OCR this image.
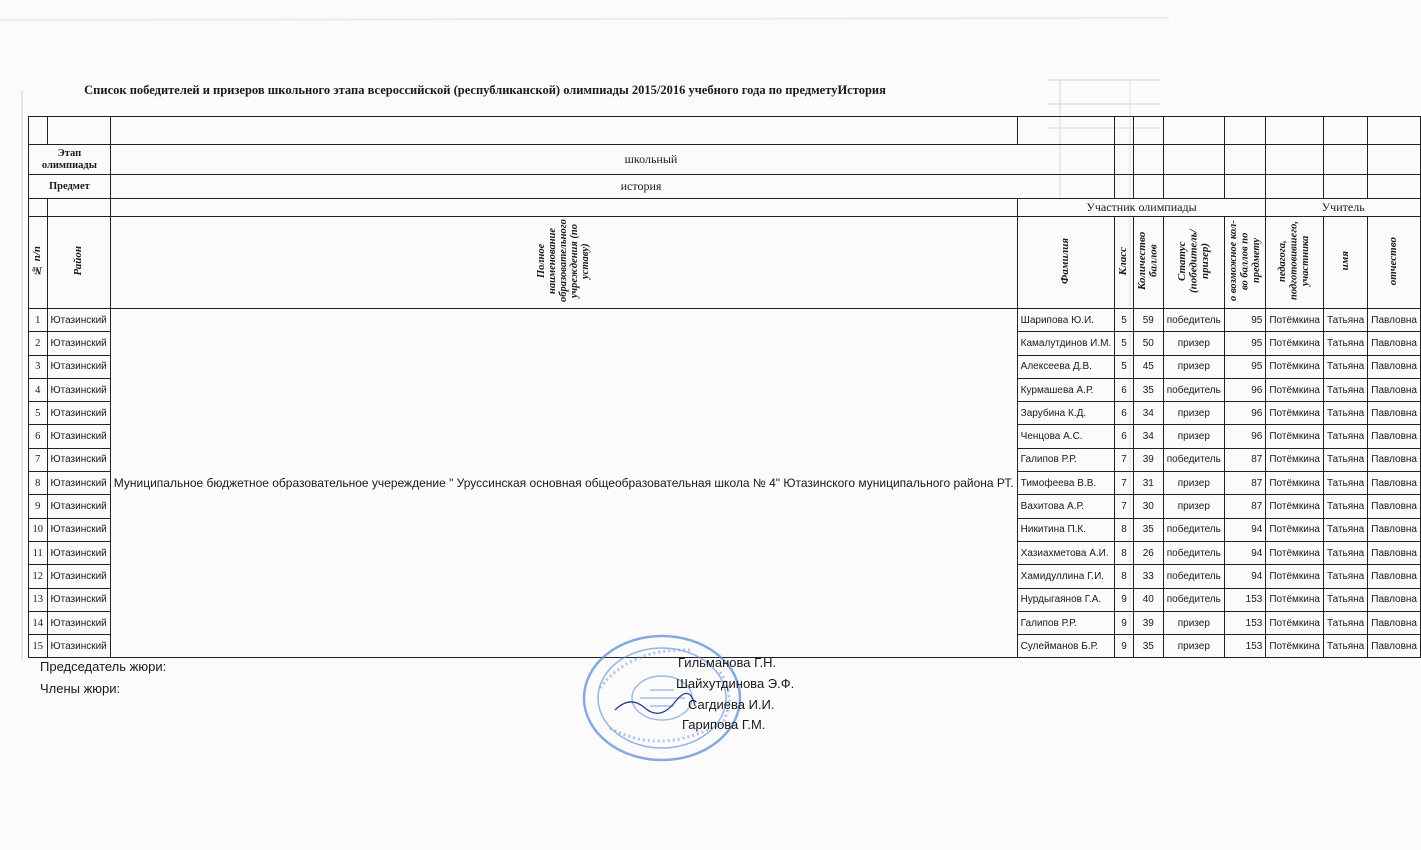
Список победителей и призеров школьного этапа всероссийской (республиканской) олимпиады 2015/2016 учебного года по предметуИстория

Этап олимпиады		школьный								
Предмет		история								
			Участник олимпиады					Учитель		
№ п/п	Район	Полное наименование образовательного учреждения (по уставу)	Фамилия	Класс	Количество баллов	Статус (победитель/ призер)	о возможное кол-во баллов по предмету	педагога, подготовившего, участника	имя	отчество
1	Ютазинский	Муниципальное бюджетное образовательное учереждение " Уруссинская основная общеобразовательная школа № 4" Ютазинского муниципального района РТ.	Шарипова Ю.И.	5	59	победитель	95	Потёмкина	Татьяна	Павловна
2	Ютазинский		Камалутдинов И.М.	5	50	призер	95	Потёмкина	Татьяна	Павловна
3	Ютазинский		Алексеева Д.В.	5	45	призер	95	Потёмкина	Татьяна	Павловна
4	Ютазинский		Курмашева А.Р.	6	35	победитель	96	Потёмкина	Татьяна	Павловна
5	Ютазинский		Зарубина К.Д.	6	34	призер	96	Потёмкина	Татьяна	Павловна
6	Ютазинский		Ченцова А.С.	6	34	призер	96	Потёмкина	Татьяна	Павловна
7	Ютазинский		Галипов Р.Р.	7	39	победитель	87	Потёмкина	Татьяна	Павловна
8	Ютазинский		Тимофеева В.В.	7	31	призер	87	Потёмкина	Татьяна	Павловна
9	Ютазинский		Вахитова А.Р.	7	30	призер	87	Потёмкина	Татьяна	Павловна
10	Ютазинский		Никитина П.К.	8	35	победитель	94	Потёмкина	Татьяна	Павловна
11	Ютазинский		Хазиахметова А.И.	8	26	победитель	94	Потёмкина	Татьяна	Павловна
12	Ютазинский		Хамидуллина Г.И.	8	33	победитель	94	Потёмкина	Татьяна	Павловна
13	Ютазинский		Нурдыгаянов Г.А.	9	40	победитель	153	Потёмкина	Татьяна	Павловна
14	Ютазинский		Галипов Р.Р.	9	39	призер	153	Потёмкина	Татьяна	Павловна
15	Ютазинский		Сулейманов Б.Р.	9	35	призер	153	Потёмкина	Татьяна	Павловна
Председатель жюри:
Члены жюри:
Гильманова Г.Н.
Шайхутдинова Э.Ф.
Сагдиева И.И.
Гарипова Г.М.
